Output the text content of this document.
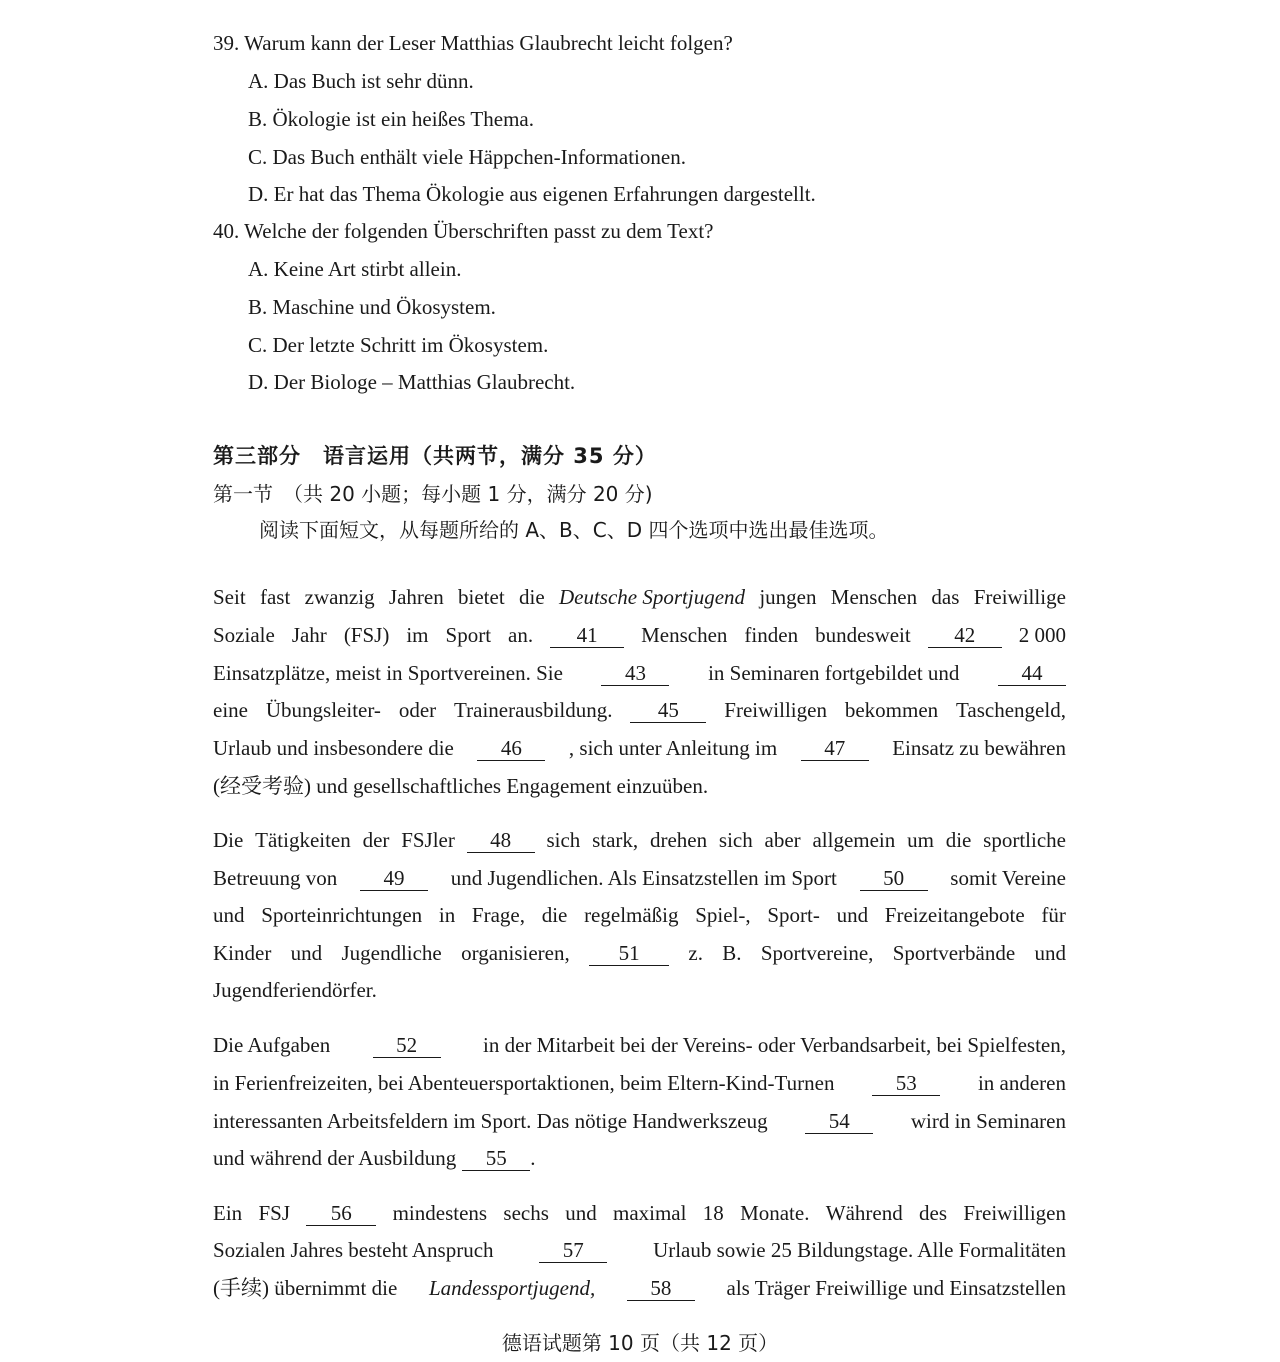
39. Warum kann der Leser Matthias Glaubrecht leicht folgen?
A. Das Buch ist sehr dünn.
B. Ökologie ist ein heißes Thema.
C. Das Buch enthält viele Häppchen-Informationen.
D. Er hat das Thema Ökologie aus eigenen Erfahrungen dargestellt.
40. Welche der folgenden Überschriften passt zu dem Text?
A. Keine Art stirbt allein.
B. Maschine und Ökosystem.
C. Der letzte Schritt im Ökosystem.
D. Der Biologe – Matthias Glaubrecht.
第三部分　语言运用（共两节，满分 35 分）
第一节　（共 20 小题；每小题 1 分，满分 20 分)
阅读下面短文，从每题所给的 A、B、C、D 四个选项中选出最佳选项。
Seit fast zwanzig Jahren bietet die Deutsche Sportjugend jungen Menschen das Freiwillige
Soziale Jahr (FSJ) im Sport an.	41	Menschen finden bundesweit	42	2 000
Einsatzplätze, meist in Sportvereinen. Sie	43	in Seminaren fortgebildet und	44
eine Übungsleiter- oder Trainerausbildung.	45	Freiwilligen bekommen Taschengeld,
Urlaub und insbesondere die	46	, sich unter Anleitung im	47	Einsatz zu bewähren
(经受考验) und gesellschaftliches Engagement einzuüben.
Die Tätigkeiten der FSJler	48	sich stark, drehen sich aber allgemein um die sportliche
Betreuung von	49	und Jugendlichen. Als Einsatzstellen im Sport	50	somit Vereine
und Sporteinrichtungen in Frage, die regelmäßig Spiel-, Sport- und Freizeitangebote für
Kinder und Jugendliche organisieren,	51	z. B. Sportvereine, Sportverbände und
Jugendferiendörfer.
Die Aufgaben	52	in der Mitarbeit bei der Vereins- oder Verbandsarbeit, bei Spielfesten,
in Ferienfreizeiten, bei Abenteuersportaktionen, beim Eltern-Kind-Turnen	53	in anderen
interessanten Arbeitsfeldern im Sport. Das nötige Handwerkszeug	54	wird in Seminaren
und während der Ausbildung	55	.
Ein FSJ	56	mindestens sechs und maximal 18 Monate. Während des Freiwilligen
Sozialen Jahres besteht Anspruch	57	Urlaub sowie 25 Bildungstage. Alle Formalitäten
(手续) übernimmt die Landessportjugend,	58	als Träger Freiwillige und Einsatzstellen
德语试题第 10 页（共 12 页）
